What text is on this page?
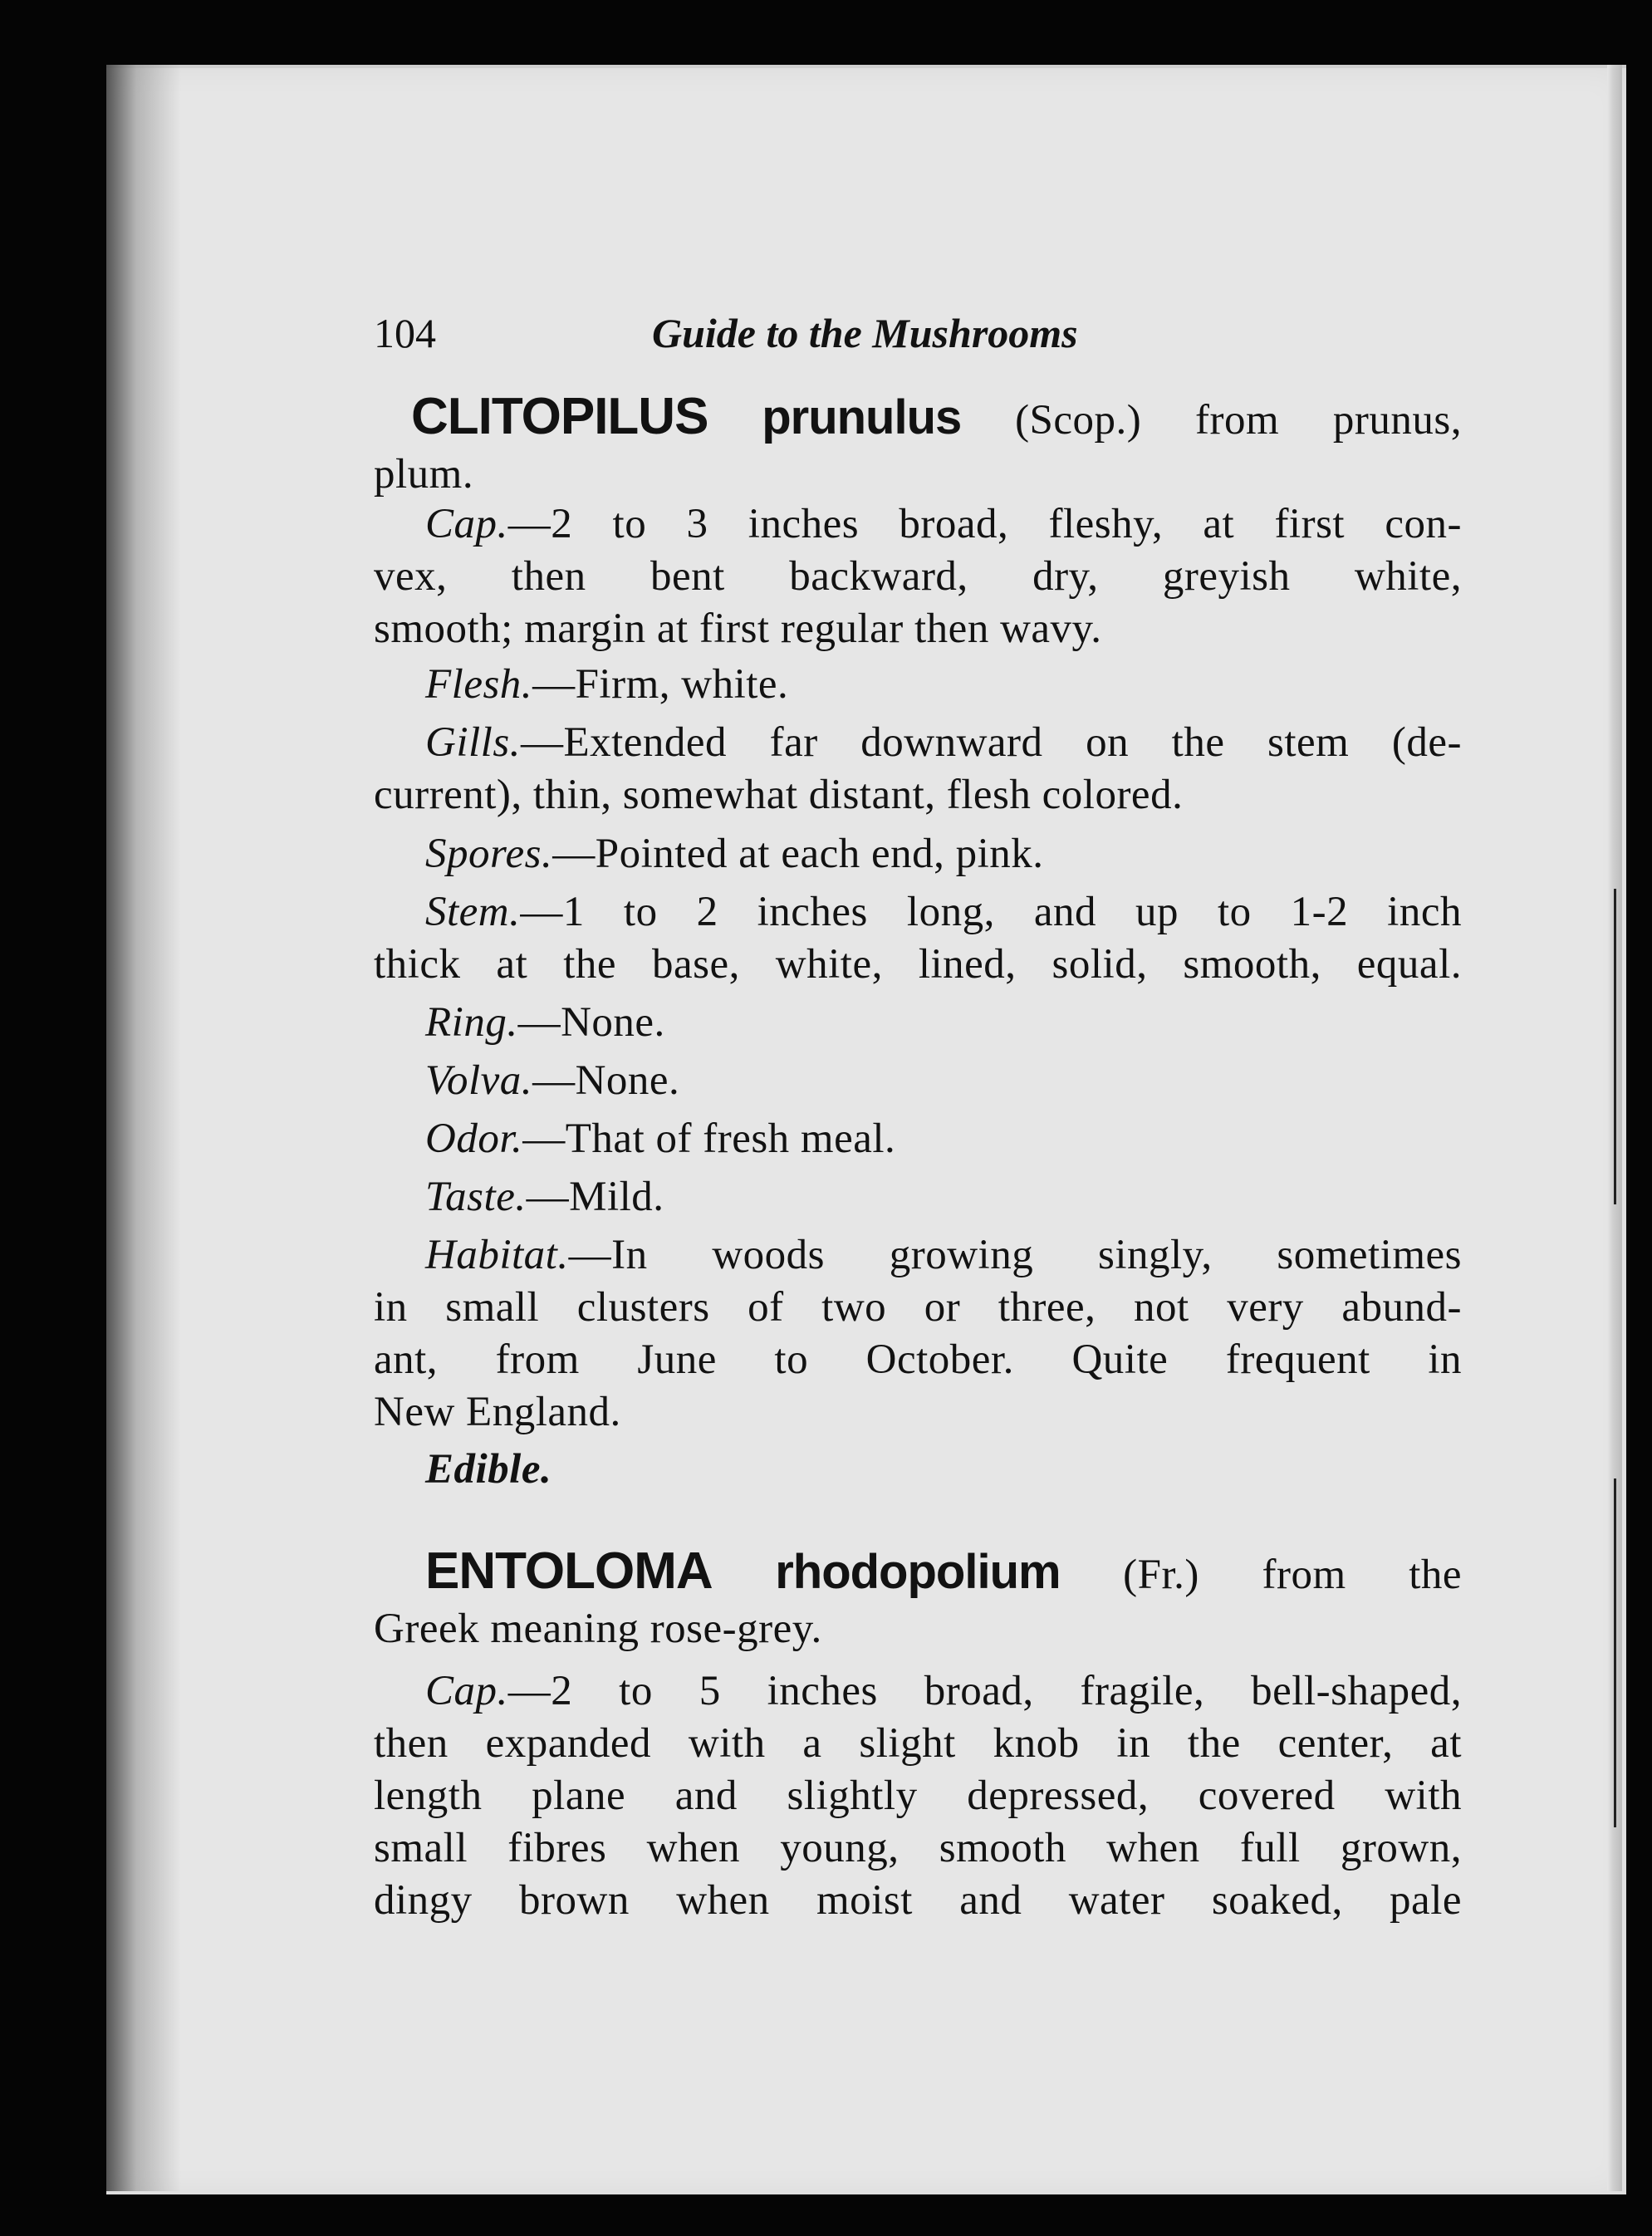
104	Guide to the Mushrooms
CLITOPILUS prunulus (Scop.) from prunus,
plum.
Cap.—2 to 3 inches broad, fleshy, at first con-
vex, then bent backward, dry, greyish white,
smooth; margin at first regular then wavy.
Flesh.—Firm, white.
Gills.—Extended far downward on the stem (de-
current), thin, somewhat distant, flesh colored.
Spores.—Pointed at each end, pink.
Stem.—1 to 2 inches long, and up to 1-2 inch
thick at the base, white, lined, solid, smooth, equal.
Ring.—None.
Volva.—None.
Odor.—That of fresh meal.
Taste.—Mild.
Habitat.—In woods growing singly, sometimes
in small clusters of two or three, not very abund-
ant, from June to October. Quite frequent in
New England.
Edible.
ENTOLOMA rhodopolium (Fr.) from the
Greek meaning rose-grey.
Cap.—2 to 5 inches broad, fragile, bell-shaped,
then expanded with a slight knob in the center, at
length plane and slightly depressed, covered with
small fibres when young, smooth when full grown,
dingy brown when moist and water soaked, pale
